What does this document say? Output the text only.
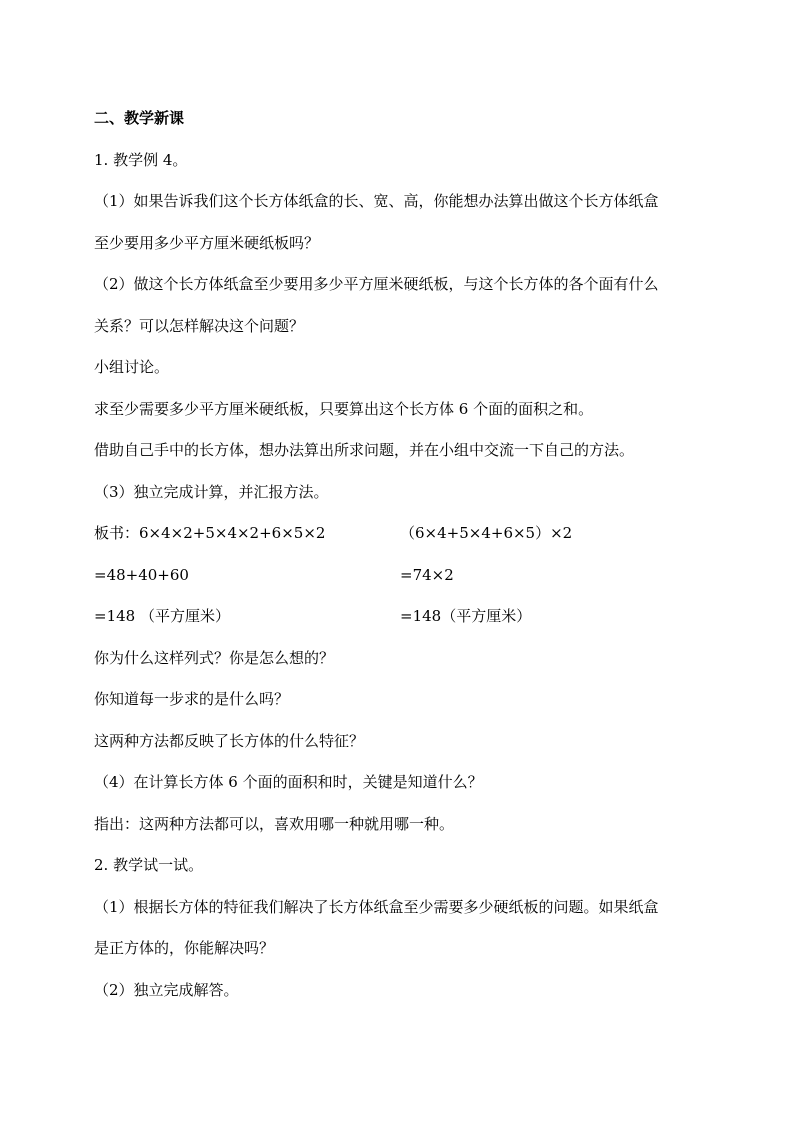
二、教学新课
1. 教学例 4。
（1）如果告诉我们这个长方体纸盒的长、宽、高，你能想办法算出做这个长方体纸盒
至少要用多少平方厘米硬纸板吗？
（2）做这个长方体纸盒至少要用多少平方厘米硬纸板，与这个长方体的各个面有什么
关系？可以怎样解决这个问题？
小组讨论。
求至少需要多少平方厘米硬纸板，只要算出这个长方体 6 个面的面积之和。
借助自己手中的长方体，想办法算出所求问题，并在小组中交流一下自己的方法。
（3）独立完成计算，并汇报方法。
板书：6×4×2+5×4×2+6×5×2	（6×4+5×4+6×5）×2
=48+40+60	=74×2
=148 （平方厘米）	=148（平方厘米）
你为什么这样列式？你是怎么想的？
你知道每一步求的是什么吗？
这两种方法都反映了长方体的什么特征？
（4）在计算长方体 6 个面的面积和时，关键是知道什么？
指出：这两种方法都可以，喜欢用哪一种就用哪一种。
2. 教学试一试。
（1）根据长方体的特征我们解决了长方体纸盒至少需要多少硬纸板的问题。如果纸盒
是正方体的，你能解决吗？
（2）独立完成解答。
